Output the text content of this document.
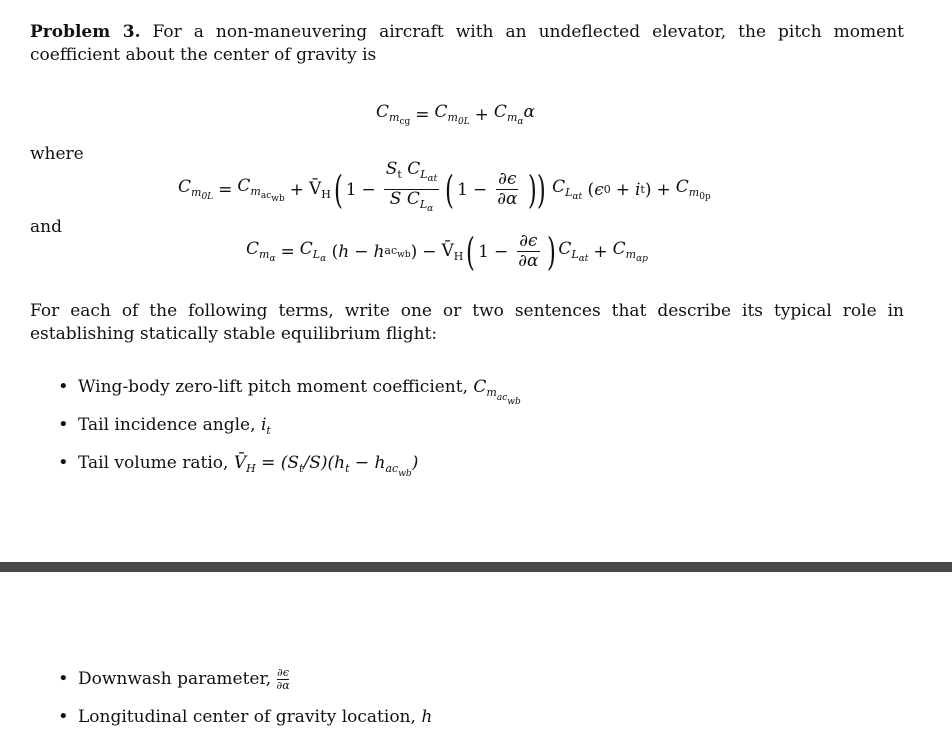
Problem 3. For a non-maneuvering aircraft with an undeflected elevator, the pitch moment coefficient about the center of gravity is

$C_{m_{cg}} = C_{m_{0L}} + C_{m_\alpha}\alpha$
where
$C_{m_{0L}} = C_{m_{ac_{wb}}}$ + $V̄_H$ ( $1 - \frac{S_t C_{L_{\alpha t}}}{S C_{L_\alpha}}$ ( $1 - \frac{\partial\epsilon}{\partial\alpha}$ )) $C_{L_{\alpha t}}$ ( ϵ 0 + i t ) + $C_{m_{0p}}$
and
$C_{m_\alpha} = C_{L_\alpha}$ ( h − h $ac_{wb}$ ) − $V̄_H$ ( $1 - \frac{\partial\epsilon}{\partial\alpha}$ ) $C_{L_{\alpha t}} + C_{m_{\alpha p}}$

For each of the following terms, write one or two sentences that describe its typical role in establishing statically stable equilibrium flight:

• Wing-body zero-lift pitch moment coefficient, $C_{m_{ac_{wb}}}$
• Tail incidence angle, $i_t$
• Tail volume ratio, $V̄_H = (S_t/S)(h_t - h_{ac_{wb}})$
• Downwash parameter, $\frac{\partial\epsilon}{\partial\alpha}$
• Longitudinal center of gravity location, h
